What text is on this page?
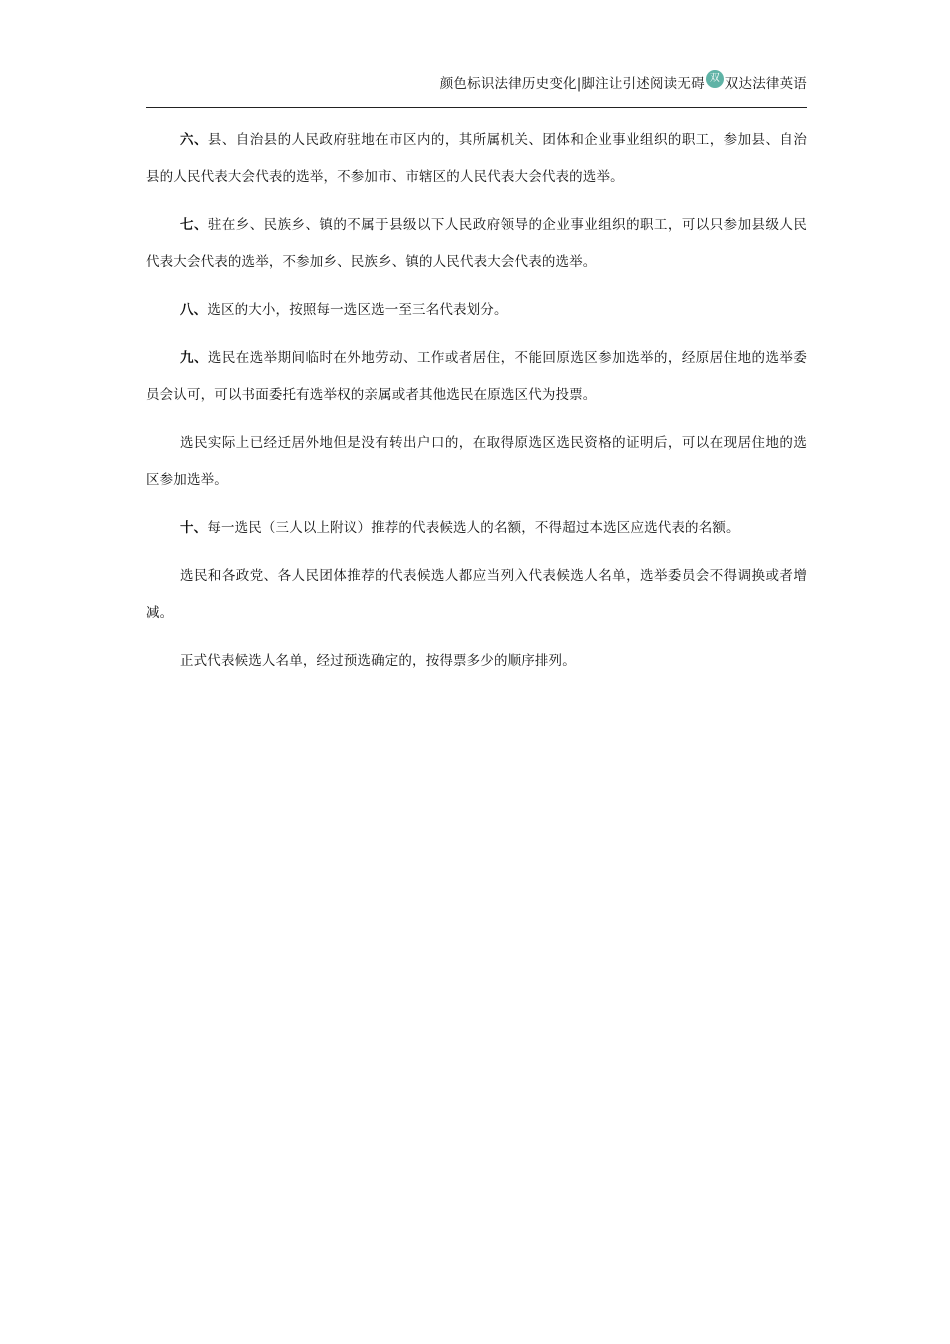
颜色标识法律历史变化|脚注让引述阅读无碍 双 双达法律英语

六、县、自治县的人民政府驻地在市区内的，其所属机关、团体和企业事业组织的职工，参加县、自治县的人民代表大会代表的选举，不参加市、市辖区的人民代表大会代表的选举。

七、驻在乡、民族乡、镇的不属于县级以下人民政府领导的企业事业组织的职工，可以只参加县级人民代表大会代表的选举，不参加乡、民族乡、镇的人民代表大会代表的选举。

八、选区的大小，按照每一选区选一至三名代表划分。

九、选民在选举期间临时在外地劳动、工作或者居住，不能回原选区参加选举的，经原居住地的选举委员会认可，可以书面委托有选举权的亲属或者其他选民在原选区代为投票。

选民实际上已经迁居外地但是没有转出户口的，在取得原选区选民资格的证明后，可以在现居住地的选区参加选举。

十、每一选民（三人以上附议）推荐的代表候选人的名额，不得超过本选区应选代表的名额。

选民和各政党、各人民团体推荐的代表候选人都应当列入代表候选人名单，选举委员会不得调换或者增减。

正式代表候选人名单，经过预选确定的，按得票多少的顺序排列。
